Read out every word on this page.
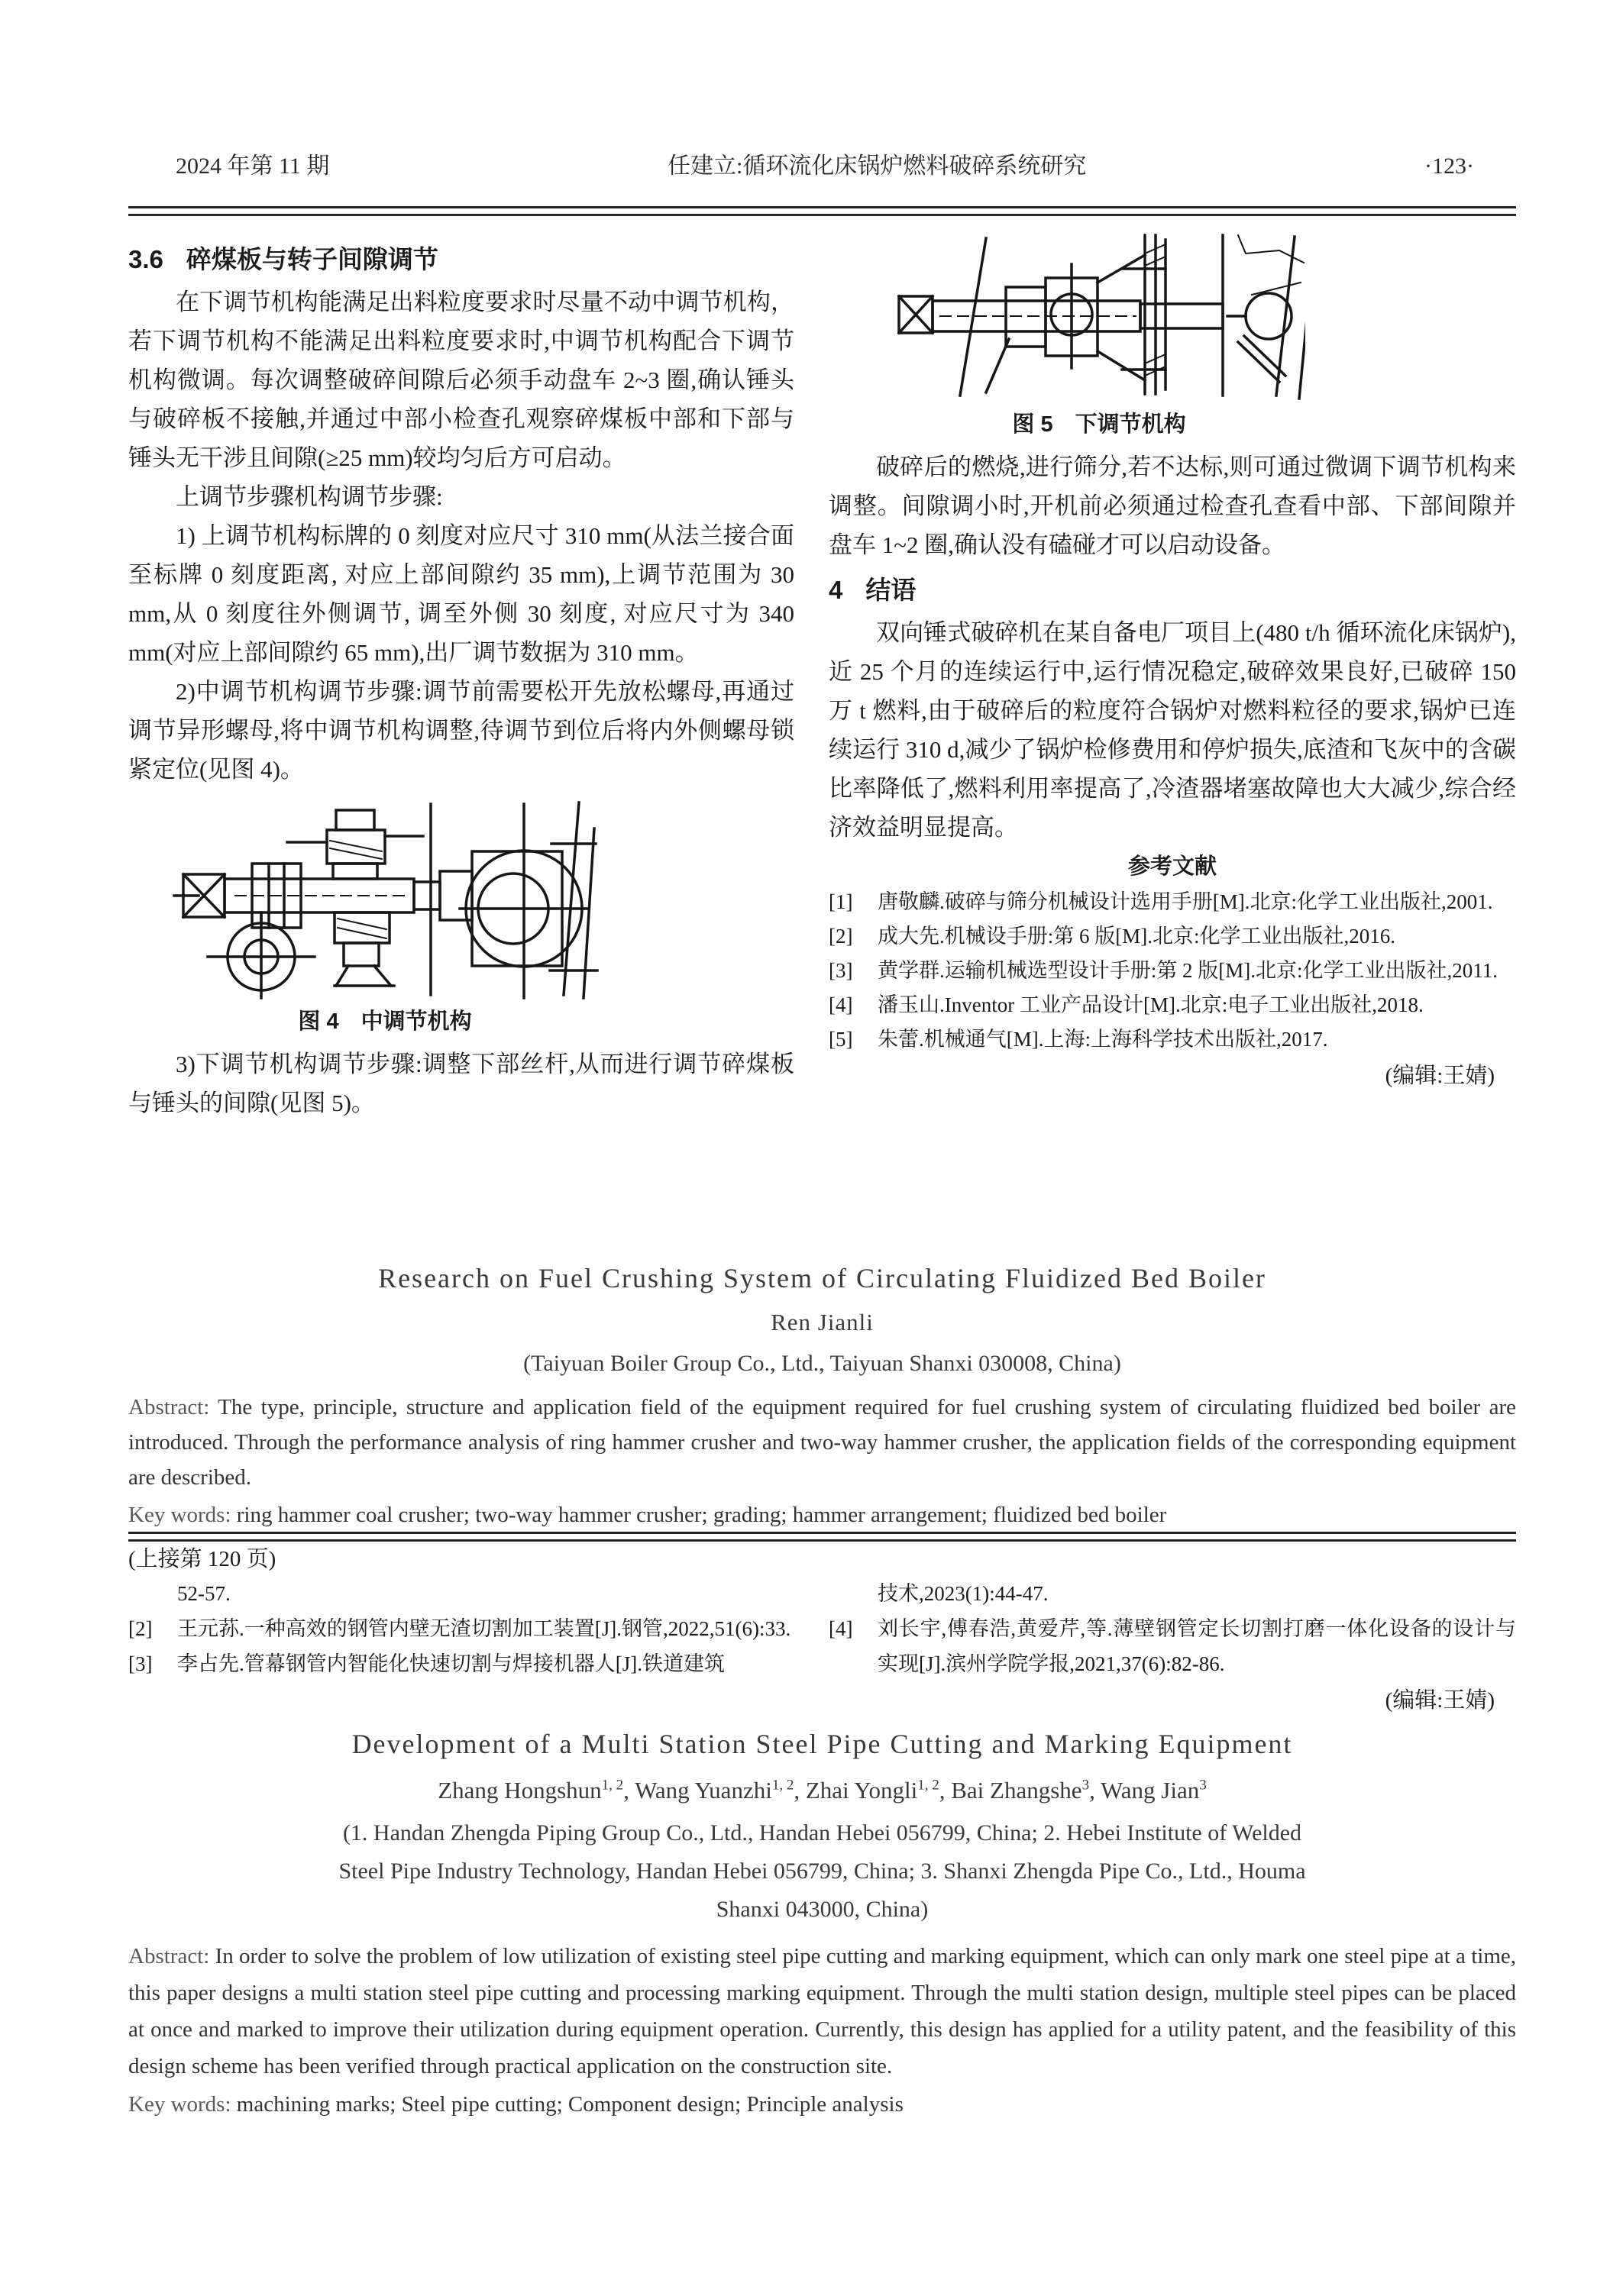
2024 年第 11 期	任建立:循环流化床锅炉燃料破碎系统研究	·123·
3.6 碎煤板与转子间隙调节

在下调节机构能满足出料粒度要求时尽量不动中调节机构，若下调节机构不能满足出料粒度要求时,中调节机构配合下调节机构微调。每次调整破碎间隙后必须手动盘车 2~3 圈,确认锤头与破碎板不接触,并通过中部小检查孔观察碎煤板中部和下部与锤头无干涉且间隙(≥25 mm)较均匀后方可启动。

上调节步骤机构调节步骤:

1) 上调节机构标牌的 0 刻度对应尺寸 310 mm(从法兰接合面至标牌 0 刻度距离, 对应上部间隙约 35 mm),上调节范围为 30 mm,从 0 刻度往外侧调节, 调至外侧 30 刻度, 对应尺寸为 340 mm(对应上部间隙约 65 mm),出厂调节数据为 310 mm。

2)中调节机构调节步骤:调节前需要松开先放松螺母,再通过调节异形螺母,将中调节机构调整,待调节到位后将内外侧螺母锁紧定位(见图 4)。

图 4　中调节机构

3)下调节机构调节步骤:调整下部丝杆,从而进行调节碎煤板与锤头的间隙(见图 5)。

图 5　下调节机构

破碎后的燃烧,进行筛分,若不达标,则可通过微调下调节机构来调整。间隙调小时,开机前必须通过检查孔查看中部、下部间隙并盘车 1~2 圈,确认没有磕碰才可以启动设备。

4 结语

双向锤式破碎机在某自备电厂项目上(480 t/h 循环流化床锅炉),近 25 个月的连续运行中,运行情况稳定,破碎效果良好,已破碎 150 万 t 燃料,由于破碎后的粒度符合锅炉对燃料粒径的要求,锅炉已连续运行 310 d,减少了锅炉检修费用和停炉损失,底渣和飞灰中的含碳比率降低了,燃料利用率提高了,冷渣器堵塞故障也大大减少,综合经济效益明显提高。

参考文献
[1]	唐敬麟.破碎与筛分机械设计选用手册[M].北京:化学工业出版社,2001.
[2]	成大先.机械设手册:第 6 版[M].北京:化学工业出版社,2016.
[3]	黄学群.运输机械选型设计手册:第 2 版[M].北京:化学工业出版社,2011.
[4]	潘玉山.Inventor 工业产品设计[M].北京:电子工业出版社,2018.
[5]	朱蕾.机械通气[M].上海:上海科学技术出版社,2017.
(编辑:王婧)
Research on Fuel Crushing System of Circulating Fluidized Bed Boiler
Ren Jianli
(Taiyuan Boiler Group Co., Ltd., Taiyuan Shanxi 030008, China)
Abstract: The type, principle, structure and application field of the equipment required for fuel crushing system of circulating fluidized bed boiler are introduced. Through the performance analysis of ring hammer crusher and two-way hammer crusher, the application fields of the corresponding equipment are described.
Key words: ring hammer coal crusher; two-way hammer crusher; grading; hammer arrangement; fluidized bed boiler
(上接第 120 页)
52-57.
[2]	王元荪.一种高效的钢管内壁无渣切割加工装置[J].钢管,2022,51(6):33.
[3]	李占先.管幕钢管内智能化快速切割与焊接机器人[J].铁道建筑
技术,2023(1):44-47.
[4]	刘长宇,傅春浩,黄爱芹,等.薄壁钢管定长切割打磨一体化设备的设计与实现[J].滨州学院学报,2021,37(6):82-86.
(编辑:王婧)
Development of a Multi Station Steel Pipe Cutting and Marking Equipment
Zhang Hongshun$^{1, 2}$, Wang Yuanzhi$^{1, 2}$, Zhai Yongli$^{1, 2}$, Bai Zhangshe$^3$, Wang Jian$^3$
(1. Handan Zhengda Piping Group Co., Ltd., Handan Hebei 056799, China; 2. Hebei Institute of Welded
Steel Pipe Industry Technology, Handan Hebei 056799, China; 3. Shanxi Zhengda Pipe Co., Ltd., Houma
Shanxi 043000, China)
Abstract: In order to solve the problem of low utilization of existing steel pipe cutting and marking equipment, which can only mark one steel pipe at a time, this paper designs a multi station steel pipe cutting and processing marking equipment. Through the multi station design, multiple steel pipes can be placed at once and marked to improve their utilization during equipment operation. Currently, this design has applied for a utility patent, and the feasibility of this design scheme has been verified through practical application on the construction site.
Key words: machining marks; Steel pipe cutting; Component design; Principle analysis
